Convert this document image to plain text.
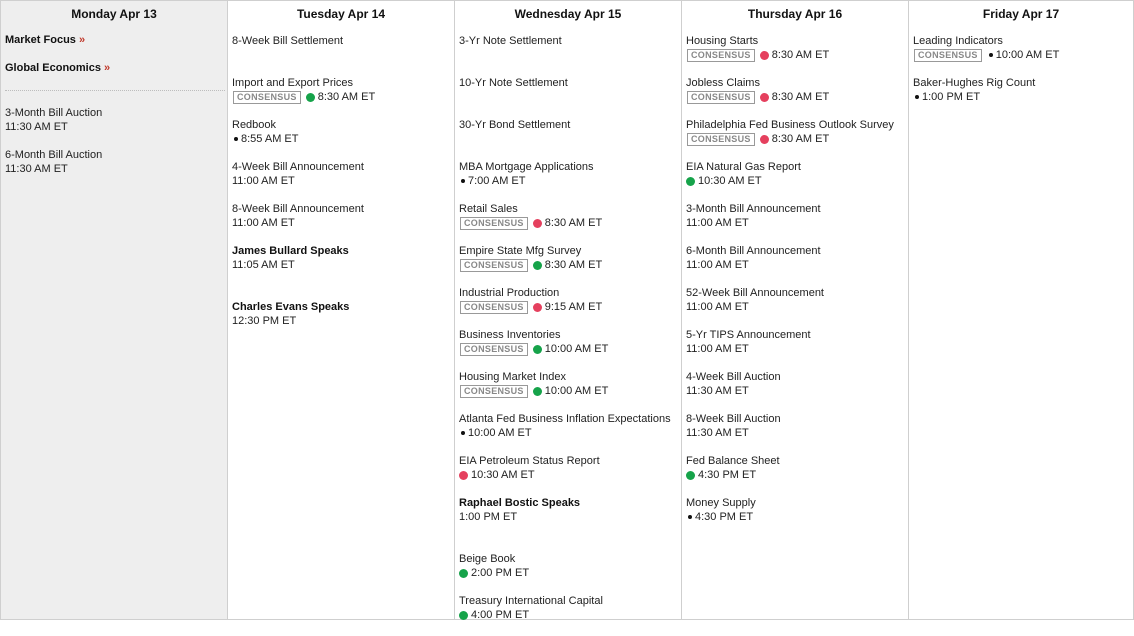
Monday Apr 13
Market Focus »
Global Economics »
3-Month Bill Auction
11:30 AM ET
6-Month Bill Auction
11:30 AM ET
Tuesday Apr 14
8-Week Bill Settlement
Import and Export Prices
CONSENSUS	8:30 AM ET
Redbook
8:55 AM ET
4-Week Bill Announcement
11:00 AM ET
8-Week Bill Announcement
11:00 AM ET
James Bullard Speaks
11:05 AM ET
Charles Evans Speaks
12:30 PM ET
Wednesday Apr 15
3-Yr Note Settlement
10-Yr Note Settlement
30-Yr Bond Settlement
MBA Mortgage Applications
7:00 AM ET
Retail Sales
CONSENSUS	8:30 AM ET
Empire State Mfg Survey
CONSENSUS	8:30 AM ET
Industrial Production
CONSENSUS	9:15 AM ET
Business Inventories
CONSENSUS	10:00 AM ET
Housing Market Index
CONSENSUS	10:00 AM ET
Atlanta Fed Business Inflation Expectations
10:00 AM ET
EIA Petroleum Status Report
10:30 AM ET
Raphael Bostic Speaks
1:00 PM ET
Beige Book
2:00 PM ET
Treasury International Capital
4:00 PM ET
Thursday Apr 16
Housing Starts
CONSENSUS	8:30 AM ET
Jobless Claims
CONSENSUS	8:30 AM ET
Philadelphia Fed Business Outlook Survey
CONSENSUS	8:30 AM ET
EIA Natural Gas Report
10:30 AM ET
3-Month Bill Announcement
11:00 AM ET
6-Month Bill Announcement
11:00 AM ET
52-Week Bill Announcement
11:00 AM ET
5-Yr TIPS Announcement
11:00 AM ET
4-Week Bill Auction
11:30 AM ET
8-Week Bill Auction
11:30 AM ET
Fed Balance Sheet
4:30 PM ET
Money Supply
4:30 PM ET
Friday Apr 17
Leading Indicators
CONSENSUS	10:00 AM ET
Baker-Hughes Rig Count
1:00 PM ET
